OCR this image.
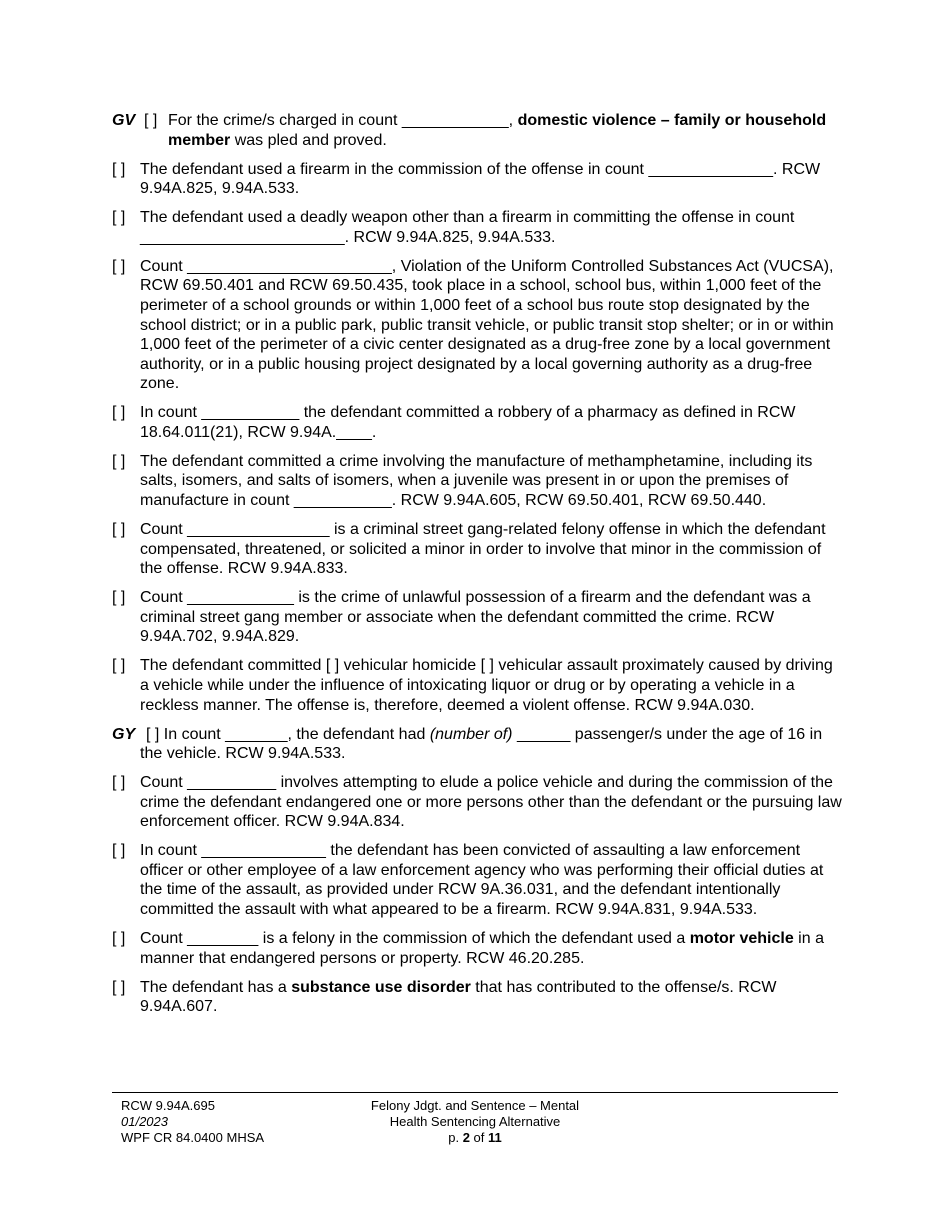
GV [ ] For the crime/s charged in count ____________, domestic violence – family or household member was pled and proved.
[ ] The defendant used a firearm in the commission of the offense in count ______________. RCW 9.94A.825, 9.94A.533.
[ ] The defendant used a deadly weapon other than a firearm in committing the offense in count _______________________. RCW 9.94A.825, 9.94A.533.
[ ] Count _______________________, Violation of the Uniform Controlled Substances Act (VUCSA), RCW 69.50.401 and RCW 69.50.435, took place in a school, school bus, within 1,000 feet of the perimeter of a school grounds or within 1,000 feet of a school bus route stop designated by the school district; or in a public park, public transit vehicle, or public transit stop shelter; or in or within 1,000 feet of the perimeter of a civic center designated as a drug-free zone by a local government authority, or in a public housing project designated by a local governing authority as a drug-free zone.
[ ] In count ___________ the defendant committed a robbery of a pharmacy as defined in RCW 18.64.011(21), RCW 9.94A.____.
[ ] The defendant committed a crime involving the manufacture of methamphetamine, including its salts, isomers, and salts of isomers, when a juvenile was present in or upon the premises of manufacture in count ___________. RCW 9.94A.605, RCW 69.50.401, RCW 69.50.440.
[ ] Count ________________ is a criminal street gang-related felony offense in which the defendant compensated, threatened, or solicited a minor in order to involve that minor in the commission of the offense. RCW 9.94A.833.
[ ] Count ____________ is the crime of unlawful possession of a firearm and the defendant was a criminal street gang member or associate when the defendant committed the crime. RCW 9.94A.702, 9.94A.829.
[ ] The defendant committed [ ] vehicular homicide [ ] vehicular assault proximately caused by driving a vehicle while under the influence of intoxicating liquor or drug or by operating a vehicle in a reckless manner. The offense is, therefore, deemed a violent offense. RCW 9.94A.030.
GY [ ] In count _______, the defendant had (number of) ______ passenger/s under the age of 16 in the vehicle. RCW 9.94A.533.
[ ] Count __________ involves attempting to elude a police vehicle and during the commission of the crime the defendant endangered one or more persons other than the defendant or the pursuing law enforcement officer. RCW 9.94A.834.
[ ] In count ______________ the defendant has been convicted of assaulting a law enforcement officer or other employee of a law enforcement agency who was performing their official duties at the time of the assault, as provided under RCW 9A.36.031, and the defendant intentionally committed the assault with what appeared to be a firearm. RCW 9.94A.831, 9.94A.533.
[ ] Count ________ is a felony in the commission of which the defendant used a motor vehicle in a manner that endangered persons or property. RCW 46.20.285.
[ ] The defendant has a substance use disorder that has contributed to the offense/s. RCW 9.94A.607.
RCW 9.94A.695
01/2023
WPF CR 84.0400 MHSA
Felony Jdgt. and Sentence – Mental
Health Sentencing Alternative
p. 2 of 11
